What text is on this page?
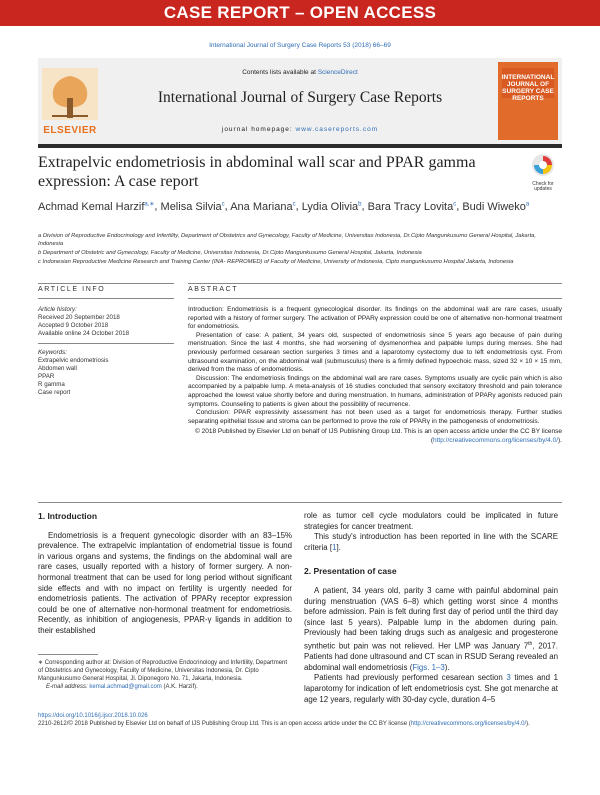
CASE REPORT – OPEN ACCESS
International Journal of Surgery Case Reports 53 (2018) 66–69
ELSEVIER
Contents lists available at ScienceDirect
International Journal of Surgery Case Reports
journal homepage: www.casereports.com
INTERNATIONAL JOURNAL OF SURGERY CASE REPORTS
Extrapelvic endometriosis in abdominal wall scar and PPAR gamma expression: A case report	Check for updates
Achmad Kemal Harzif$^{a,∗}$, Melisa Silvia$^c$, Ana Mariana$^c$, Lydia Olivia$^b$, Bara Tracy Lovita$^c$, Budi Wiweko$^a$

a Division of Reproductive Endocrinology and Infertility, Department of Obstetrics and Gynecology, Faculty of Medicine, Universitas Indonesia, Dr.Cipto Mangunkusumo General Hospital, Jakarta, Indonesia

b Department of Obstetric and Gynecology, Faculty of Medicine, Universitas Indonesia, Dr.Cipto Mangunkusumo General Hospital, Jakarta, Indonesia

c Indonesian Reproductive Medicine Research and Training Center (INA- REPROMED) of Faculty of Medicine, University of Indonesia, Cipto mangunkusumo Hospital Jakarta, Indonesia

ARTICLE INFO	ABSTRACT
Article history:
Received 20 September 2018
Accepted 9 October 2018
Available online 24 October 2018
Keywords:
Extrapelvic endometriosis
Abdomen wall
PPAR
R gamma
Case report

Introduction: Endometriosis is a frequent gynecological disorder. Its findings on the abdominal wall are rare cases, usually reported with a history of former surgery. The activation of PPARγ expression could be one of alternative non-hormonal treatment for endometriosis.

Presentation of case: A patient, 34 years old, suspected of endometriosis since 5 years ago because of pain during menstruation. Since the last 4 months, she had worsening of dysmenorrhea and palpable lumps during menses. She had previously performed cesarean section surgeries 3 times and a laparotomy cystectomy due to left endometriosis cyst. From ultrasound examination, on the abdominal wall (submusculus) there is a firmly defined hypoechoic mass, sized 32 × 10 × 15 mm, derived from the mass of endometriosis.

Discussion: The endometriosis findings on the abdominal wall are rare cases. Symptoms usually are cyclic pain which is also accompanied by a palpable lump. A meta-analysis of 16 studies concluded that sensory excitatory threshold and pain tolerance approached the lowest value shortly before and during menstruation. In humans, administration of PPARγ agonists reduced pain symptoms. Counseling to patients is given about the possibility of recurrence.

Conclusion: PPAR expressivity assessment has not been used as a target for endometriosis therapy. Further studies separating epithelial tissue and stroma can be performed to prove the role of PPARγ in the pathogenesis of endometriosis.

© 2018 Published by Elsevier Ltd on behalf of IJS Publishing Group Ltd. This is an open access article under the CC BY license (http://creativecommons.org/licenses/by/4.0/).

1. Introduction

Endometriosis is a frequent gynecologic disorder with an 83–15% prevalence. The extrapelvic implantation of endometrial tissue is found in various organs and systems, the findings on the abdominal wall are rare cases, usually reported with a history of former surgery. A non-hormonal treatment that can be used for long period without significant side effects and with no impact on fertility is urgently needed for endometriosis patients. The activation of PPARγ receptor expression could be one of alternative non-hormonal treatment for endometriosis. Recently, as inhibition of angiogenesis, PPAR-γ ligands in addition to their established

role as tumor cell cycle modulators could be implicated in future strategies for cancer treatment.

This study's introduction has been reported in line with the SCARE criteria [1].

2. Presentation of case

A patient, 34 years old, parity 3 came with painful abdominal pain during menstruation (VAS 6–8) which getting worst since 4 months before admission. Pain is felt during first day of period until the third day (since last 5 years). Palpable lump in the abdomen during pain. Previously had been taking drugs such as analgesic and progesterone synthetic but pain was not relieved. Her LMP was January 7th, 2017. Patients had done ultrasound and CT scan in RSUD Serang revealed an abdominal wall endometriosis (Figs. 1–3).

Patients had previously performed cesarean section 3 times and 1 laparotomy for indication of left endometriosis cyst. She got menarche at age 12 years, regularly with 30-day cycle, duration 4–5

∗ Corresponding author at: Division of Reproductive Endocrinology and Infertility, Department of Obstetrics and Gynecology, Faculty of Medicine, Universitas Indonesia, Dr. Cipto Mangunkusumo General Hospital, Jl. Diponegoro No. 71, Jakarta, Indonesia.

E-mail address: kemal.achmad@gmail.com (A.K. Harzif).

https://doi.org/10.1016/j.ijscr.2018.10.026

2210-2612/© 2018 Published by Elsevier Ltd on behalf of IJS Publishing Group Ltd. This is an open access article under the CC BY license (http://creativecommons.org/licenses/by/4.0/).
